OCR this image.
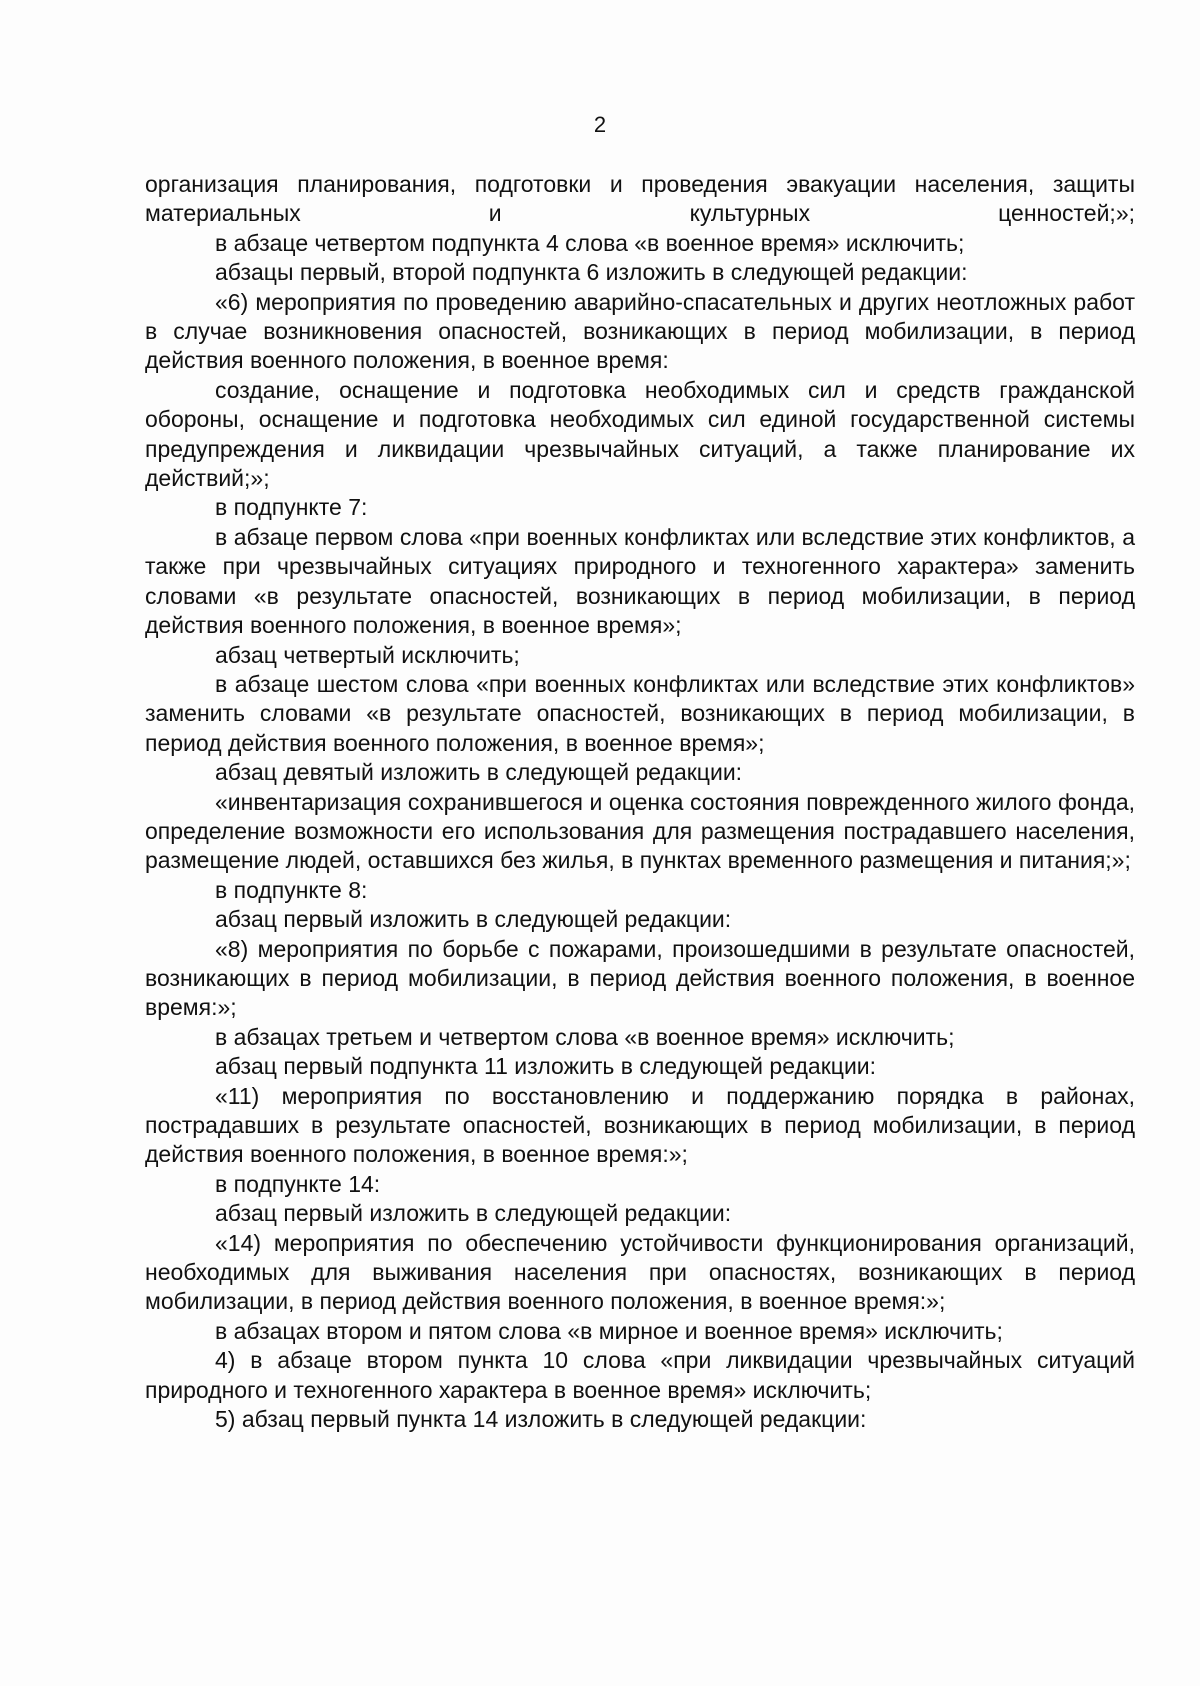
2

организация планирования, подготовки и проведения эвакуации населения, защиты материальных и культурных ценностей;»;

в абзаце четвертом подпункта 4 слова «в военное время» исключить;

абзацы первый, второй подпункта 6 изложить в следующей редакции:

«6) мероприятия по проведению аварийно-спасательных и других неотложных работ в случае возникновения опасностей, возникающих в период мобилизации, в период действия военного положения, в военное время:

создание, оснащение и подготовка необходимых сил и средств гражданской обороны, оснащение и подготовка необходимых сил единой государственной системы предупреждения и ликвидации чрезвычайных ситуаций, а также планирование их действий;»;

в подпункте 7:

в абзаце первом слова «при военных конфликтах или вследствие этих конфликтов, а также при чрезвычайных ситуациях природного и техногенного характера» заменить словами «в результате опасностей, возникающих в период мобилизации, в период действия военного положения, в военное время»;

абзац четвертый исключить;

в абзаце шестом слова «при военных конфликтах или вследствие этих конфликтов» заменить словами «в результате опасностей, возникающих в период мобилизации, в период действия военного положения, в военное время»;

абзац девятый изложить в следующей редакции:

«инвентаризация сохранившегося и оценка состояния поврежденного жилого фонда, определение возможности его использования для размещения пострадавшего населения, размещение людей, оставшихся без жилья, в пунктах временного размещения и питания;»;

в подпункте 8:

абзац первый изложить в следующей редакции:

«8) мероприятия по борьбе с пожарами, произошедшими в результате опасностей, возникающих в период мобилизации, в период действия военного положения, в военное время:»;

в абзацах третьем и четвертом слова «в военное время» исключить;

абзац первый подпункта 11 изложить в следующей редакции:

«11) мероприятия по восстановлению и поддержанию порядка в районах, пострадавших в результате опасностей, возникающих в период мобилизации, в период действия военного положения, в военное время:»;

в подпункте 14:

абзац первый изложить в следующей редакции:

«14) мероприятия по обеспечению устойчивости функционирования организаций, необходимых для выживания населения при опасностях, возникающих в период мобилизации, в период действия военного положения, в военное время:»;

в абзацах втором и пятом слова «в мирное и военное время» исключить;

4) в абзаце втором пункта 10 слова «при ликвидации чрезвычайных ситуаций природного и техногенного характера в военное время» исключить;

5) абзац первый пункта 14 изложить в следующей редакции:
